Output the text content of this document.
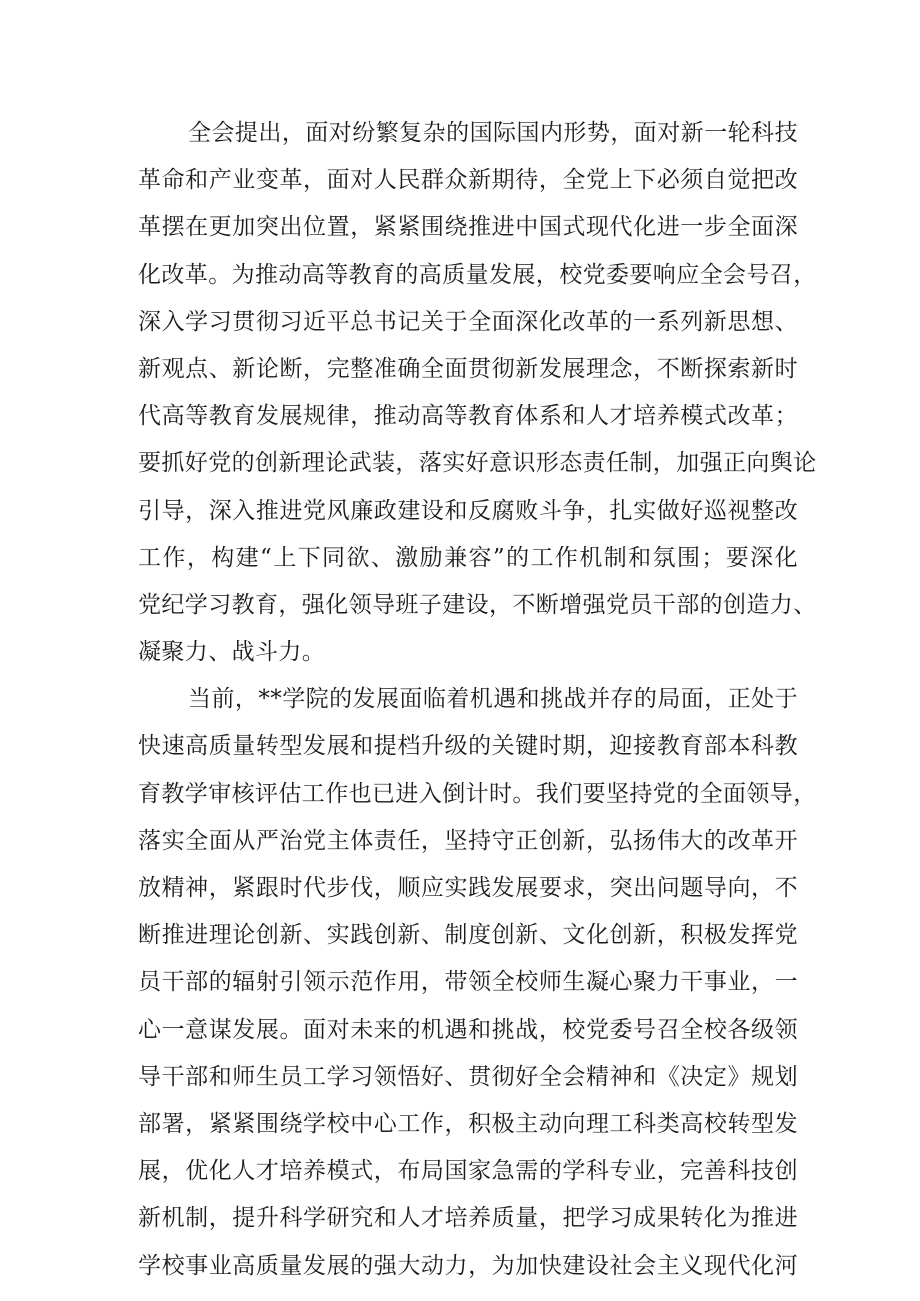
全会提出，面对纷繁复杂的国际国内形势，面对新一轮科技
革命和产业变革，面对人民群众新期待，全党上下必须自觉把改
革摆在更加突出位置，紧紧围绕推进中国式现代化进一步全面深
化改革。为推动高等教育的高质量发展，校党委要响应全会号召，
深入学习贯彻习近平总书记关于全面深化改革的一系列新思想、
新观点、新论断，完整准确全面贯彻新发展理念，不断探索新时
代高等教育发展规律，推动高等教育体系和人才培养模式改革；
要抓好党的创新理论武装，落实好意识形态责任制，加强正向舆论
引导，深入推进党风廉政建设和反腐败斗争，扎实做好巡视整改
工作，构建“上下同欲、激励兼容”的工作机制和氛围；要深化
党纪学习教育，强化领导班子建设，不断增强党员干部的创造力、
凝聚力、战斗力。
当前，**学院的发展面临着机遇和挑战并存的局面，正处于
快速高质量转型发展和提档升级的关键时期，迎接教育部本科教
育教学审核评估工作也已进入倒计时。我们要坚持党的全面领导，
落实全面从严治党主体责任，坚持守正创新，弘扬伟大的改革开
放精神，紧跟时代步伐，顺应实践发展要求，突出问题导向，不
断推进理论创新、实践创新、制度创新、文化创新，积极发挥党
员干部的辐射引领示范作用，带领全校师生凝心聚力干事业，一
心一意谋发展。面对未来的机遇和挑战，校党委号召全校各级领
导干部和师生员工学习领悟好、贯彻好全会精神和《决定》规划
部署，紧紧围绕学校中心工作，积极主动向理工科类高校转型发
展，优化人才培养模式，布局国家急需的学科专业，完善科技创
新机制，提升科学研究和人才培养质量，把学习成果转化为推进
学校事业高质量发展的强大动力，为加快建设社会主义现代化河
